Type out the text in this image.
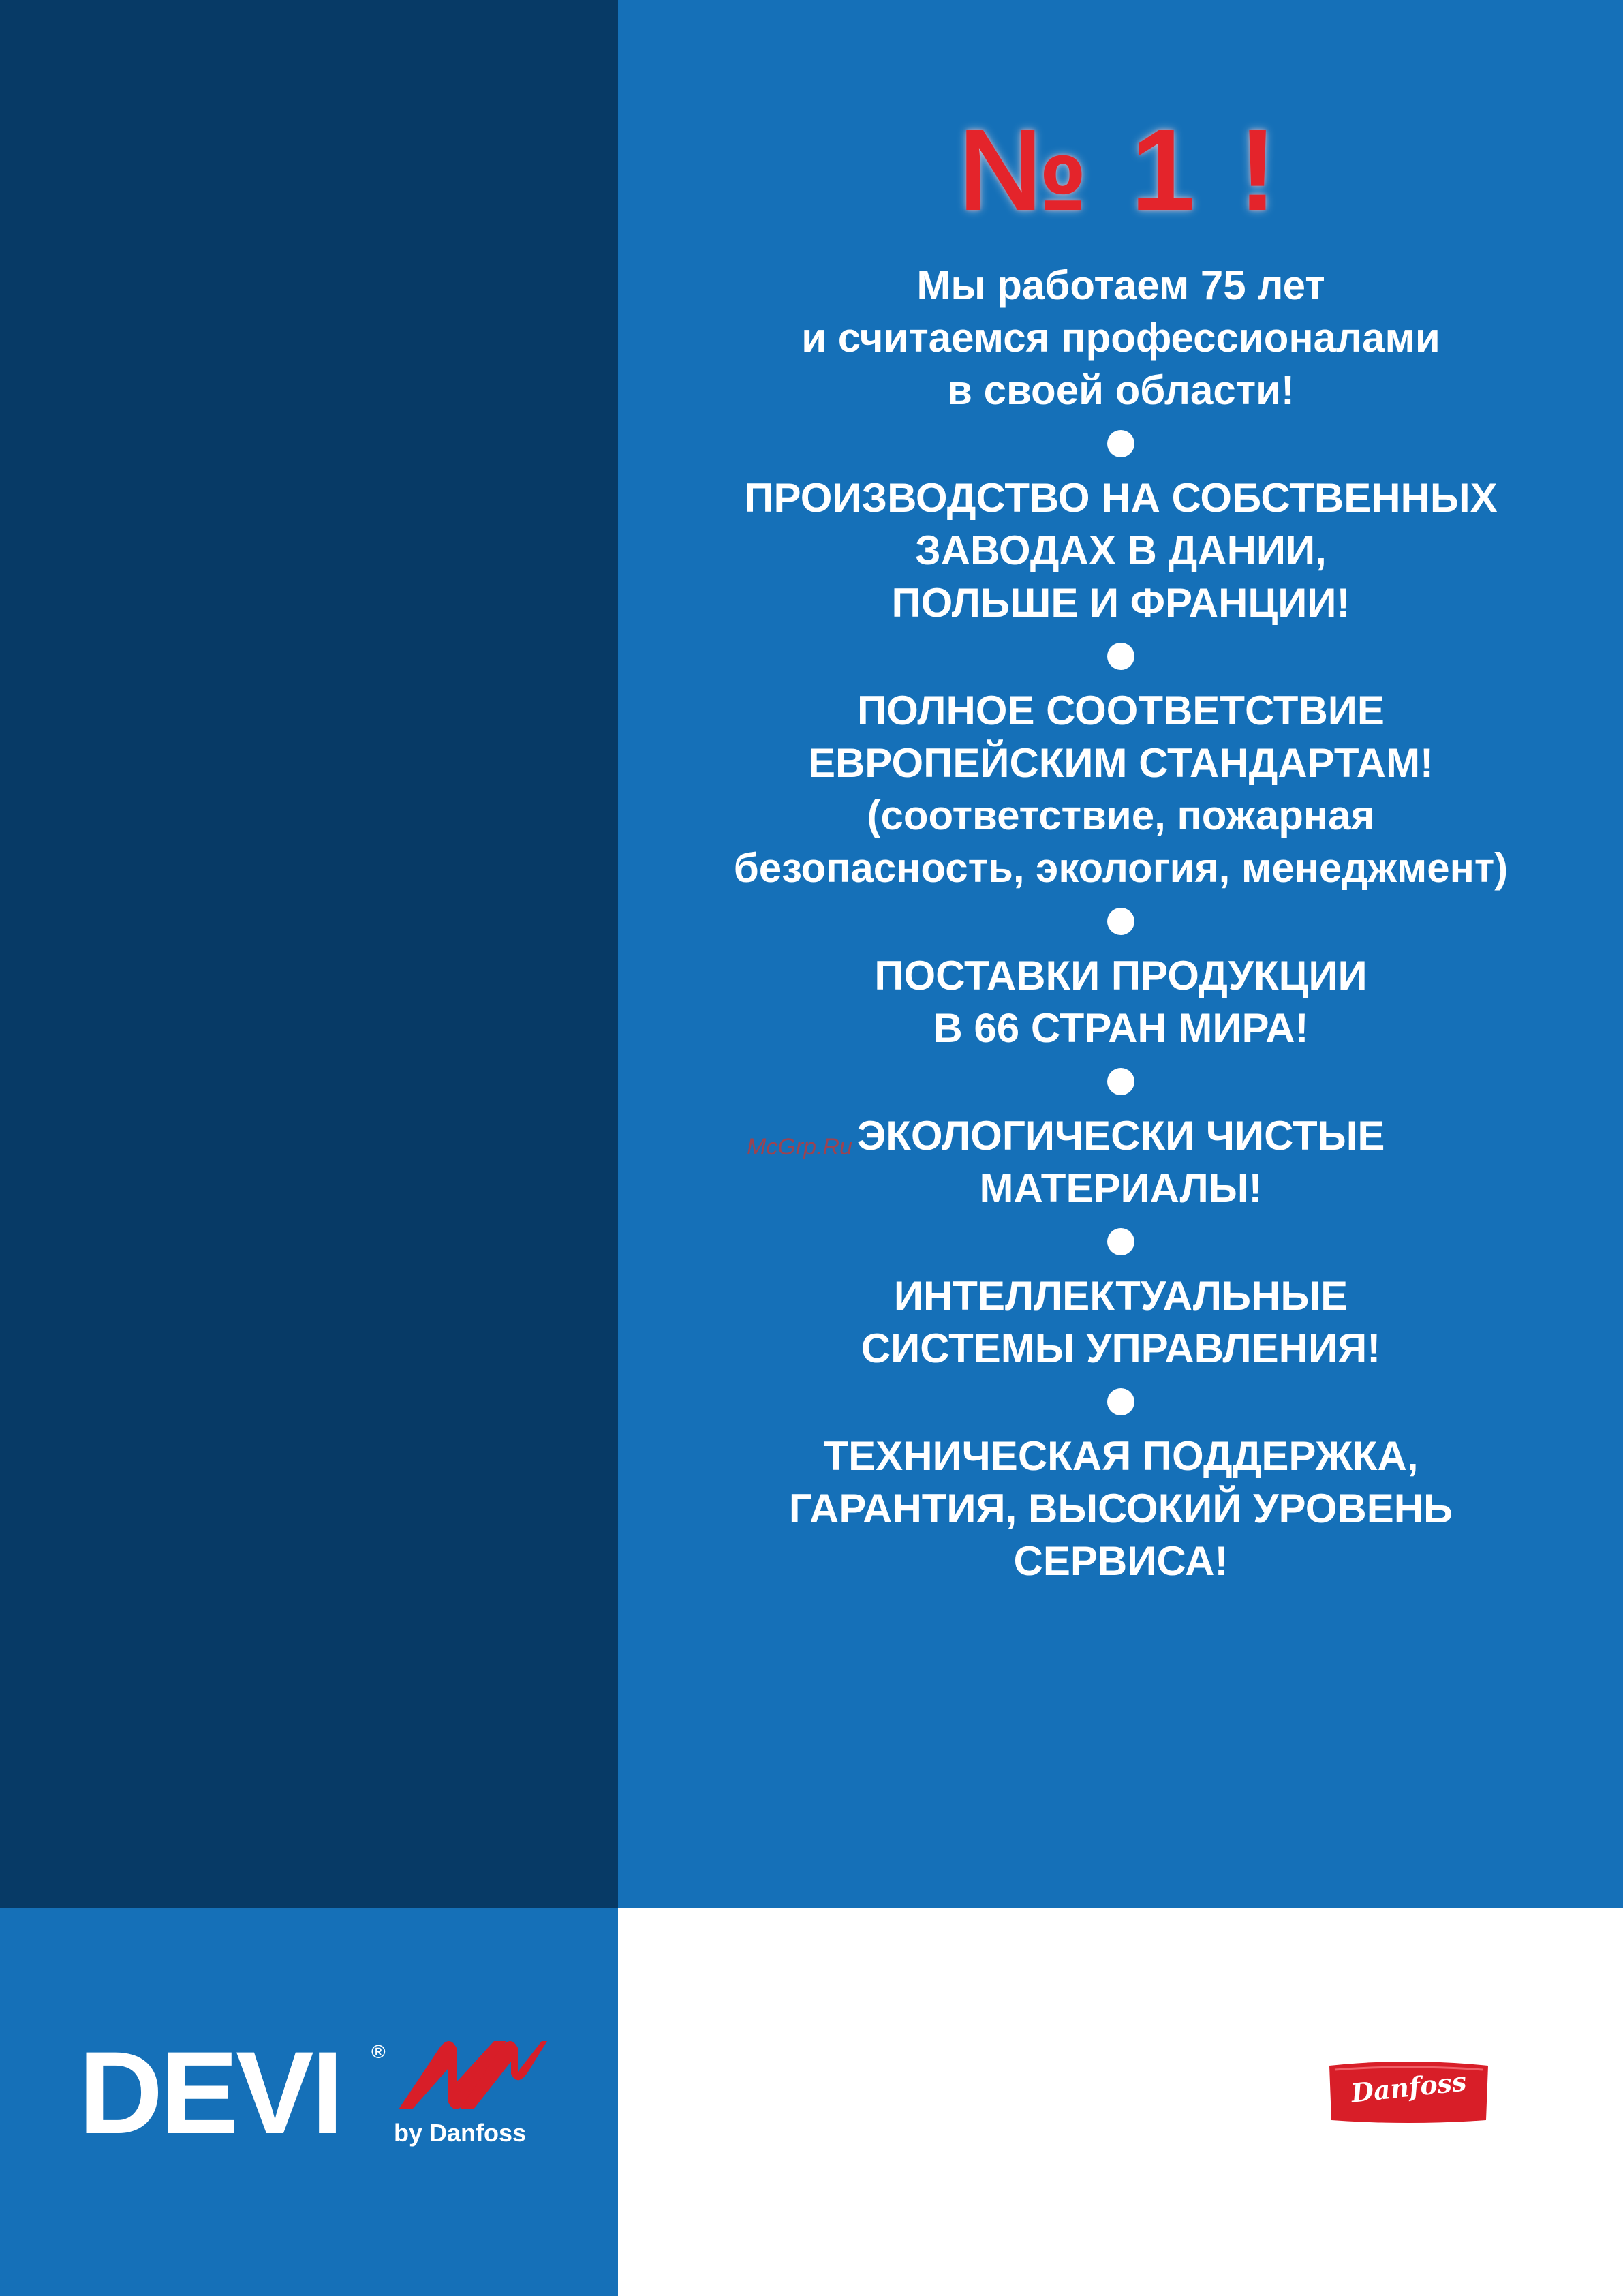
№ 1 !
Мы работаем 75 лет
и считаемся профессионалами
в своей области!
ПРОИЗВОДСТВО НА СОБСТВЕННЫХ
ЗАВОДАХ В ДАНИИ,
ПОЛЬШЕ И ФРАНЦИИ!
ПОЛНОЕ СООТВЕТСТВИЕ
ЕВРОПЕЙСКИМ СТАНДАРТАМ!
(соответствие, пожарная
безопасность, экология, менеджмент)
ПОСТАВКИ ПРОДУКЦИИ
В 66 СТРАН МИРА!
ЭКОЛОГИЧЕСКИ ЧИСТЫЕ
МАТЕРИАЛЫ!
ИНТЕЛЛЕКТУАЛЬНЫЕ
СИСТЕМЫ УПРАВЛЕНИЯ!
ТЕХНИЧЕСКАЯ ПОДДЕРЖКА,
ГАРАНТИЯ, ВЫСОКИЙ УРОВЕНЬ
СЕРВИСА!
McGrp.Ru
DEVI ®
by Danfoss
Danfoss
